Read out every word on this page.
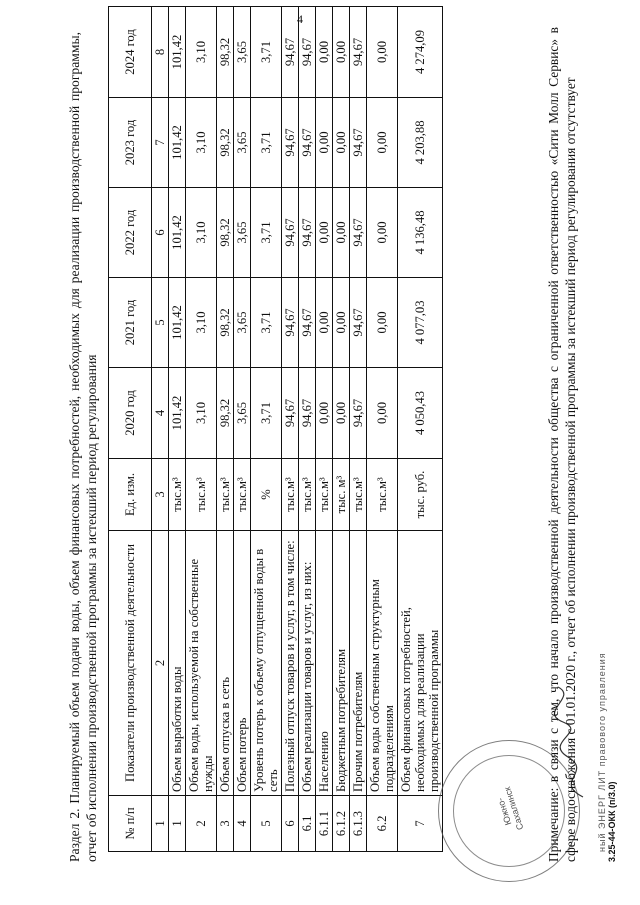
4
Раздел 2. Планируемый объем подачи воды, объем финансовых потребностей, необходимых для реализации производственной программы, отчет об исполнении производственной программы за истекший период регулирования № п/п	Показатели производственной деятельности	Ед. изм.	2020 год	2021 год	2022 год	2023 год	2024 год
1	2	3	4	5	6	7	8
1	Объем выработки воды	тыс.м³	101,42	101,42	101,42	101,42	101,42
2	Объем воды, используемой на собственные нужды	тыс.м³	3,10	3,10	3,10	3,10	3,10
3	Объем отпуска в сеть	тыс.м³	98,32	98,32	98,32	98,32	98,32
4	Объем потерь	тыс.м³	3,65	3,65	3,65	3,65	3,65
5	Уровень потерь к объему отпущенной воды в сеть	%	3,71	3,71	3,71	3,71	3,71
6	Полезный отпуск товаров и услуг, в том числе:	тыс.м³	94,67	94,67	94,67	94,67	94,67
6.1	Объем реализации товаров и услуг, из них:	тыс.м³	94,67	94,67	94,67	94,67	94,67
6.1.1	Населению	тыс.м³	0,00	0,00	0,00	0,00	0,00
6.1.2	Бюджетным потребителям	тыс. м³	0,00	0,00	0,00	0,00	0,00
6.1.3	Прочим потребителям	тыс.м³	94,67	94,67	94,67	94,67	94,67
6.2	Объем воды собственным структурным подразделениям	тыс.м³	0,00	0,00	0,00	0,00	0,00
7	Объем финансовых потребностей, необходимых для реализации производственной программы	тыс. руб.	4 050,43	4 077,03	4 136,48	4 203,88	4 274,09
Южно-Сахалинск	ный ЭНЕРГ ЛИТ правового управления
Примечание: в связи с тем, что начало производственной деятельности общества с ограниченной ответственностью «Сити Молл Сервис» в сфере водоснабжения с 01.01.2020 г., отчет об исполнении производственной программы за истекший период регулирования отсутствует	3.25-44-ОКК (п/3.0)
